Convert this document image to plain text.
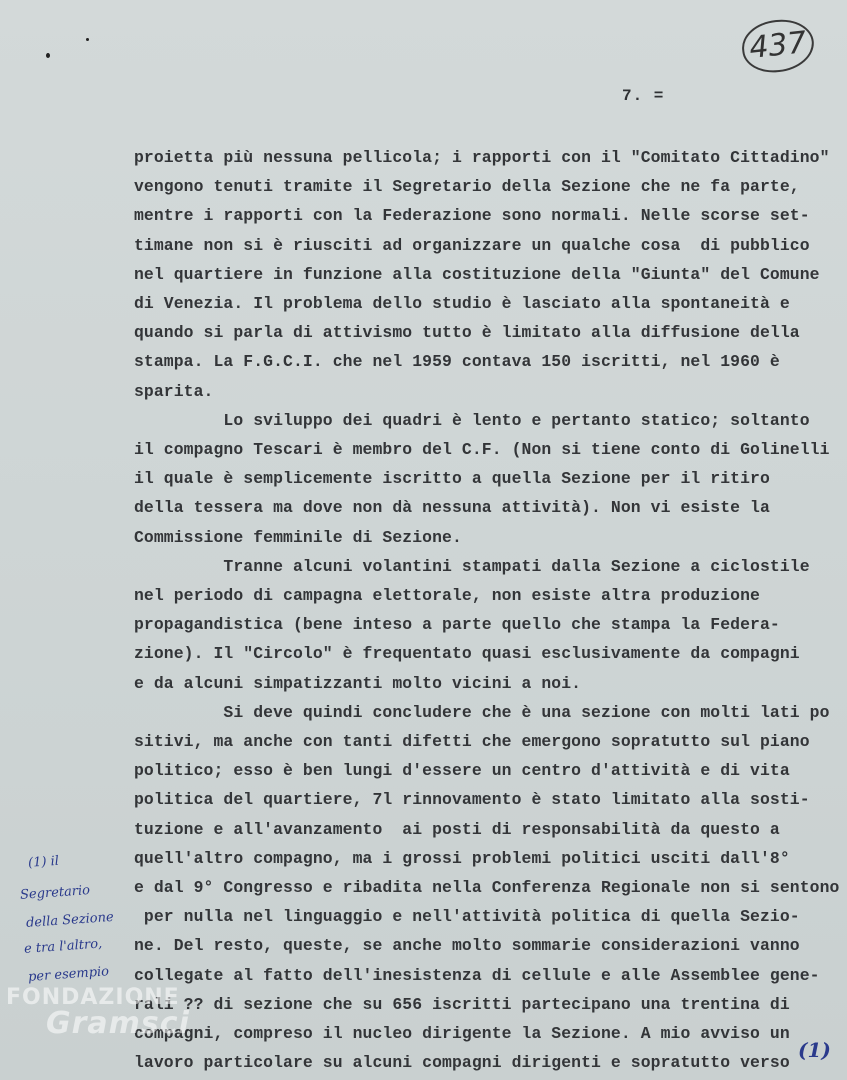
437
7. =
proietta più nessuna pellicola; i rapporti con il "Comitato Cittadino"
vengono tenuti tramite il Segretario della Sezione che ne fa parte,
mentre i rapporti con la Federazione sono normali. Nelle scorse set-
timane non si è riusciti ad organizzare un qualche cosa  di pubblico
nel quartiere in funzione alla costituzione della "Giunta" del Comune
di Venezia. Il problema dello studio è lasciato alla spontaneità e
quando si parla di attivismo tutto è limitato alla diffusione della
stampa. La F.G.C.I. che nel 1959 contava 150 iscritti, nel 1960 è
sparita.
Lo sviluppo dei quadri è lento e pertanto statico; soltanto
il compagno Tescari è membro del C.F. (Non si tiene conto di Golinelli
il quale è semplicemente iscritto a quella Sezione per il ritiro
della tessera ma dove non dà nessuna attività). Non vi esiste la
Commissione femminile di Sezione.
Tranne alcuni volantini stampati dalla Sezione a ciclostile
nel periodo di campagna elettorale, non esiste altra produzione
propagandistica (bene inteso a parte quello che stampa la Federa-
zione). Il "Circolo" è frequentato quasi esclusivamente da compagni
e da alcuni simpatizzanti molto vicini a noi.
Si deve quindi concludere che è una sezione con molti lati po
sitivi, ma anche con tanti difetti che emergono sopratutto sul piano
politico; esso è ben lungi d'essere un centro d'attività e di vita
politica del quartiere, 7l rinnovamento è stato limitato alla sosti-
tuzione e all'avanzamento  ai posti di responsabilità da questo a
quell'altro compagno, ma i grossi problemi politici usciti dall'8°
e dal 9° Congresso e ribadita nella Conferenza Regionale non si sentono
per nulla nel linguaggio e nell'attività politica di quella Sezio-
ne. Del resto, queste, se anche molto sommarie considerazioni vanno
collegate al fatto dell'inesistenza di cellule e alle Assemblee gene-
rali ?? di sezione che su 656 iscritti partecipano una trentina di
compagni, compreso il nucleo dirigente la Sezione. A mio avviso un
lavoro particolare su alcuni compagni dirigenti e sopratutto verso
(1) il
Segretario
della Sezione
e tra l'altro,
per esempio
(1)
FONDAZIONE
Gramsci
